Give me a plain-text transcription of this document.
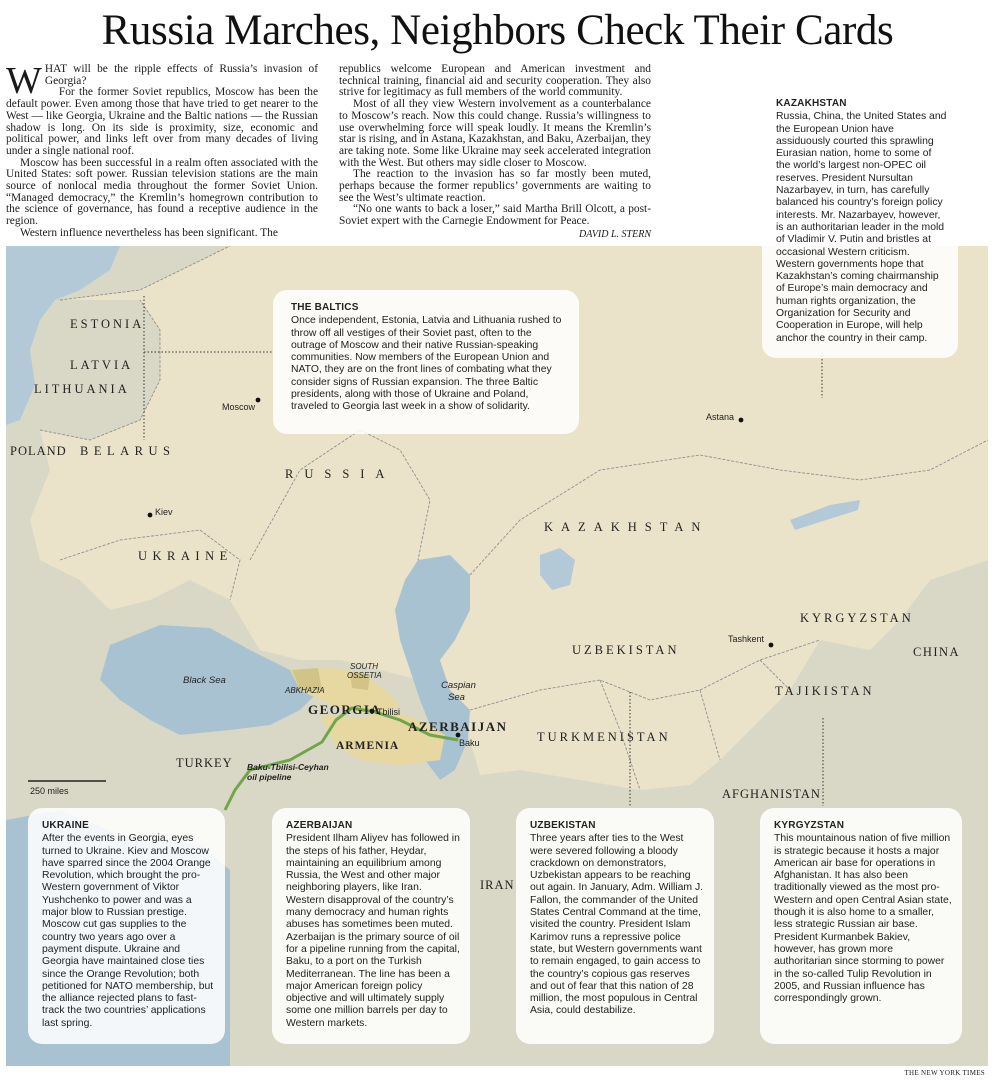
Russia Marches, Neighbors Check Their Cards

WHAT will be the ripple effects of Russia’s invasion of Georgia?

For the former Soviet republics, Moscow has been the default power. Even among those that have tried to get nearer to the West — like Georgia, Ukraine and the Baltic nations — the Russian shadow is long. On its side is proximity, size, economic and political power, and links left over from many decades of living under a single national roof.

Moscow has been successful in a realm often associated with the United States: soft power. Russian television stations are the main source of nonlocal media throughout the former Soviet Union. “Managed democracy,” the Kremlin’s homegrown contribution to the science of governance, has found a receptive audience in the region.

Western influence nevertheless has been significant. The

republics welcome European and American investment and technical training, financial aid and security cooperation. They also strive for legitimacy as full members of the world community.

Most of all they view Western involvement as a counterbalance to Moscow’s reach. Now this could change. Russia’s willingness to use overwhelming force will speak loudly. It means the Kremlin’s star is rising, and in Astana, Kazakhstan, and Baku, Azerbaijan, they are taking note. Some like Ukraine may seek accelerated integration with the West. But others may sidle closer to Moscow.

The reaction to the invasion has so far mostly been muted, perhaps because the former republics’ governments are waiting to see the West’s ultimate reaction.

“No one wants to back a loser,” said Martha Brill Olcott, a post-Soviet expert with the Carnegie Endowment for Peace.

DAVID L. STERN
ESTONIA
LATVIA
LITHUANIA
POLAND BELARUS
RUSSIA
UKRAINE
KAZAKHSTAN
KYRGYZSTAN
UZBEKISTAN	CHINA
TAJIKISTAN
TURKMENISTAN
AFGHANISTAN
GEORGIA
AZERBAIJAN
ARMENIA
TURKEY
IRAN
SOUTH
OSSETIA
ABKHAZIA
Black Sea	Caspian
Sea
Baku-Tbilisi-Ceyhan
oil pipeline
250 miles
Moscow
Kiev
Astana
Tashkent
Tbilisi
Baku
KAZAKHSTAN

Russia, China, the United States and the European Union have assiduously courted this sprawling Eurasian nation, home to some of the world’s largest non-OPEC oil reserves. President Nursultan Nazarbayev, in turn, has carefully balanced his country’s foreign policy interests. Mr. Nazarbayev, however, is an authoritarian leader in the mold of Vladimir V. Putin and bristles at occasional Western criticism. Western governments hope that Kazakhstan’s coming chairmanship of Europe’s main democracy and human rights organization, the Organization for Security and Cooperation in Europe, will help anchor the country in their camp.

THE BALTICS

Once independent, Estonia, Latvia and Lithuania rushed to throw off all vestiges of their Soviet past, often to the outrage of Moscow and their native Russian-speaking communities. Now members of the European Union and NATO, they are on the front lines of combating what they consider signs of Russian expansion. The three Baltic presidents, along with those of Ukraine and Poland, traveled to Georgia last week in a show of solidarity.

UKRAINE

After the events in Georgia, eyes turned to Ukraine. Kiev and Moscow have sparred since the 2004 Orange Revolution, which brought the pro-Western government of Viktor Yushchenko to power and was a major blow to Russian prestige. Moscow cut gas supplies to the country two years ago over a payment dispute. Ukraine and Georgia have maintained close ties since the Orange Revolution; both petitioned for NATO membership, but the alliance rejected plans to fast-track the two countries’ applications last spring.

AZERBAIJAN

President Ilham Aliyev has followed in the steps of his father, Heydar, maintaining an equilibrium among Russia, the West and other major neighboring players, like Iran. Western disapproval of the country’s many democracy and human rights abuses has sometimes been muted. Azerbaijan is the primary source of oil for a pipeline running from the capital, Baku, to a port on the Turkish Mediterranean. The line has been a major American foreign policy objective and will ultimately supply some one million barrels per day to Western markets.

UZBEKISTAN

Three years after ties to the West were severed following a bloody crackdown on demonstrators, Uzbekistan appears to be reaching out again. In January, Adm. William J. Fallon, the commander of the United States Central Command at the time, visited the country. President Islam Karimov runs a repressive police state, but Western governments want to remain engaged, to gain access to the country’s copious gas reserves and out of fear that this nation of 28 million, the most populous in Central Asia, could destabilize.

KYRGYZSTAN

This mountainous nation of five million is strategic because it hosts a major American air base for operations in Afghanistan. It has also been traditionally viewed as the most pro-Western and open Central Asian state, though it is also home to a smaller, less strategic Russian air base. President Kurmanbek Bakiev, however, has grown more authoritarian since storming to power in the so-called Tulip Revolution in 2005, and Russian influence has correspondingly grown.

THE NEW YORK TIMES
